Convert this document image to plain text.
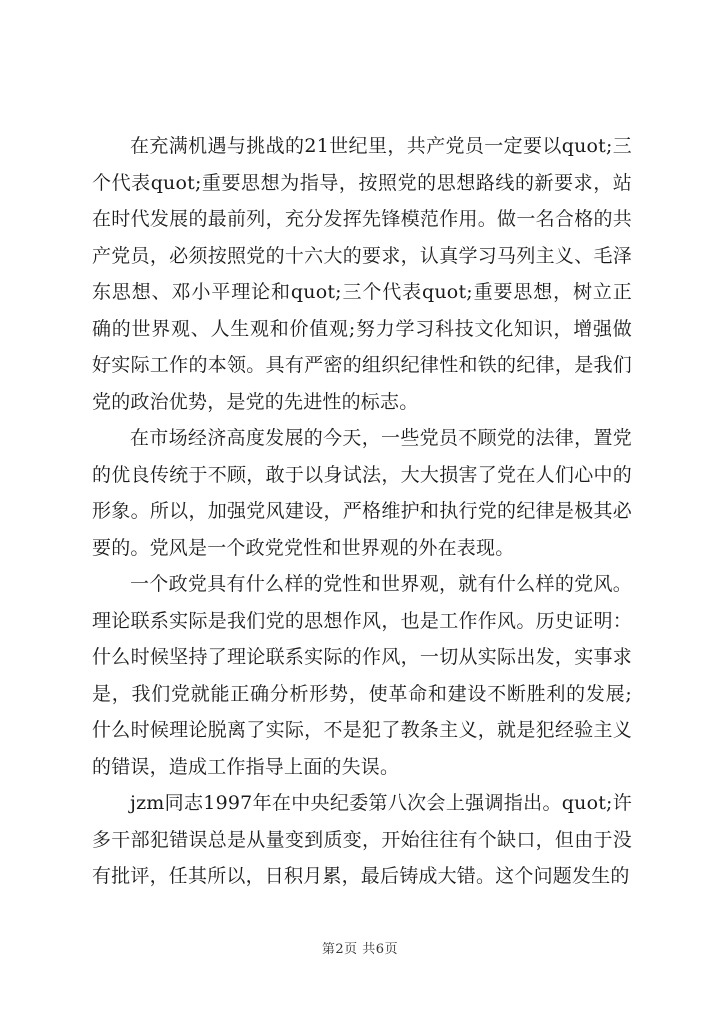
在充满机遇与挑战的21世纪里，共产党员一定要以quot;三个代表quot;重要思想为指导，按照党的思想路线的新要求，站在时代发展的最前列，充分发挥先锋模范作用。做一名合格的共产党员，必须按照党的十六大的要求，认真学习马列主义、毛泽东思想、邓小平理论和quot;三个代表quot;重要思想，树立正确的世界观、人生观和价值观;努力学习科技文化知识，增强做好实际工作的本领。具有严密的组织纪律性和铁的纪律，是我们党的政治优势，是党的先进性的标志。

在市场经济高度发展的今天，一些党员不顾党的法律，置党的优良传统于不顾，敢于以身试法，大大损害了党在人们心中的形象。所以，加强党风建设，严格维护和执行党的纪律是极其必要的。党风是一个政党党性和世界观的外在表现。

一个政党具有什么样的党性和世界观，就有什么样的党风。理论联系实际是我们党的思想作风，也是工作作风。历史证明：什么时候坚持了理论联系实际的作风，一切从实际出发，实事求是，我们党就能正确分析形势，使革命和建设不断胜利的发展;什么时候理论脱离了实际，不是犯了教条主义，就是犯经验主义的错误，造成工作指导上面的失误。

jzm同志1997年在中央纪委第八次会上强调指出。quot;许多干部犯错误总是从量变到质变，开始往往有个缺口，但由于没有批评，任其所以，日积月累，最后铸成大错。这个问题发生的

第2页 共6页
